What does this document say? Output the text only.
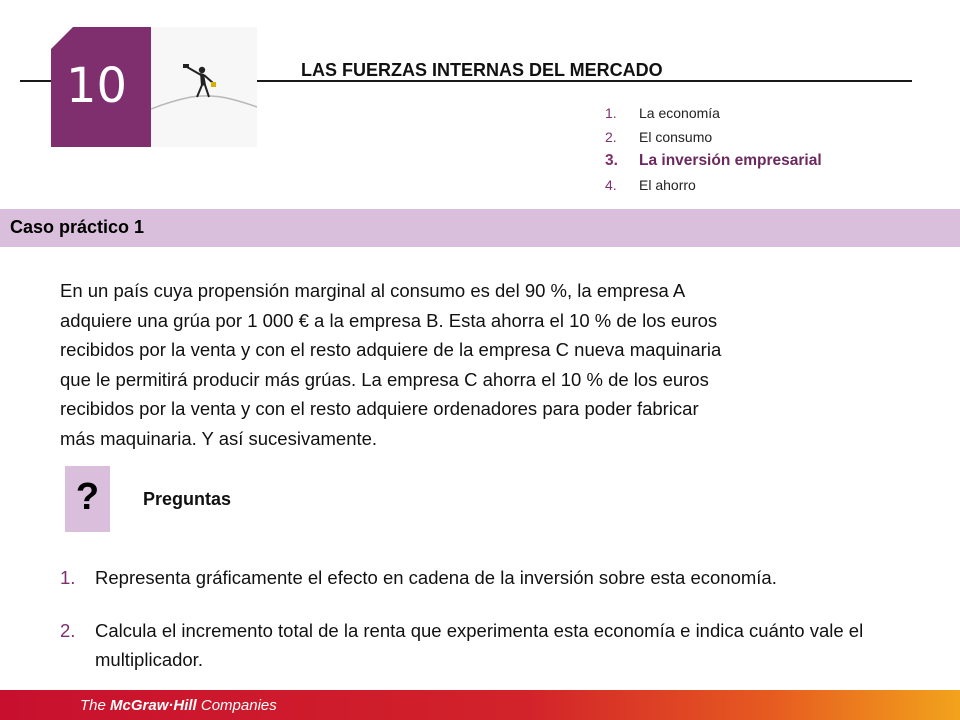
10	LAS FUERZAS INTERNAS DEL MERCADO
1. La economía
2. El consumo
3. La inversión empresarial
4. El ahorro
Caso práctico 1
En un país cuya propensión marginal al consumo es del 90 %, la empresa A
adquiere una grúa por 1 000 € a la empresa B. Esta ahorra el 10 % de los euros
recibidos por la venta y con el resto adquiere de la empresa C nueva maquinaria
que le permitirá producir más grúas. La empresa C ahorra el 10 % de los euros
recibidos por la venta y con el resto adquiere ordenadores para poder fabricar
más maquinaria. Y así sucesivamente.
?	Preguntas
1. Representa gráficamente el efecto en cadena de la inversión sobre esta economía.
2. Calcula el incremento total de la renta que experimenta esta economía e indica cuánto vale el multiplicador.
The McGraw·Hill Companies
